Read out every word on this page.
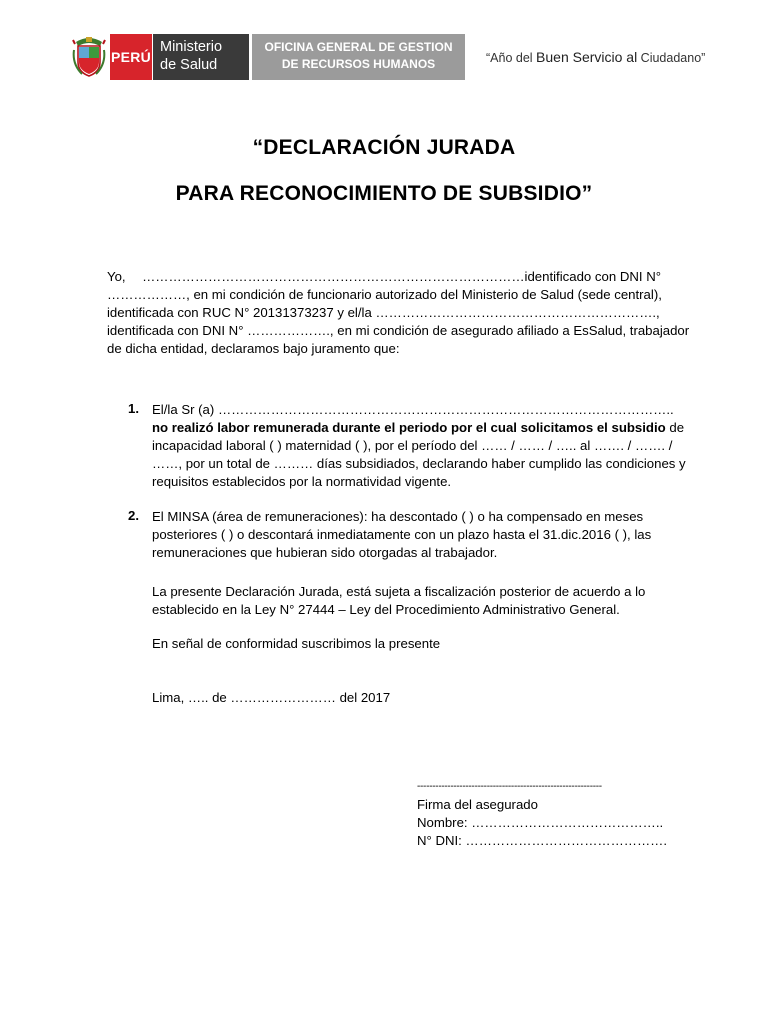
PERÚ
Ministerio
de Salud
OFICINA GENERAL DE GESTION
DE RECURSOS HUMANOS	“Año del Buen Servicio al Ciudadano”
“DECLARACIÓN JURADA
PARA RECONOCIMIENTO DE SUBSIDIO”
Yo, ……………………………………………………………………………identificado con DNI N°
………………, en mi condición de funcionario autorizado del Ministerio de Salud (sede central),
identificada con RUC N° 20131373237 y el/la ……………………………………………………….,
identificada con DNI N° ………………., en mi condición de asegurado afiliado a EsSalud, trabajador
de dicha entidad, declaramos bajo juramento que:
1. El/la Sr (a) …………………………………………………………………………………………..
no realizó labor remunerada durante el periodo por el cual solicitamos el subsidio de
incapacidad laboral ( ) maternidad ( ), por el período del …… / …… / ….. al ……. / ……. /
……, por un total de ……… días subsidiados, declarando haber cumplido las condiciones y
requisitos establecidos por la normatividad vigente.
2. El MINSA (área de remuneraciones): ha descontado ( ) o ha compensado en meses
posteriores ( ) o descontará inmediatamente con un plazo hasta el 31.dic.2016 ( ), las
remuneraciones que hubieran sido otorgadas al trabajador.
La presente Declaración Jurada, está sujeta a fiscalización posterior de acuerdo a lo
establecido en la Ley N° 27444 – Ley del Procedimiento Administrativo General.
En señal de conformidad suscribimos la presente
Lima, ….. de …………………… del 2017
-------------------------------------------------------------
Firma del asegurado
Nombre: ……………………………………..
N° DNI: ……………………………………….
